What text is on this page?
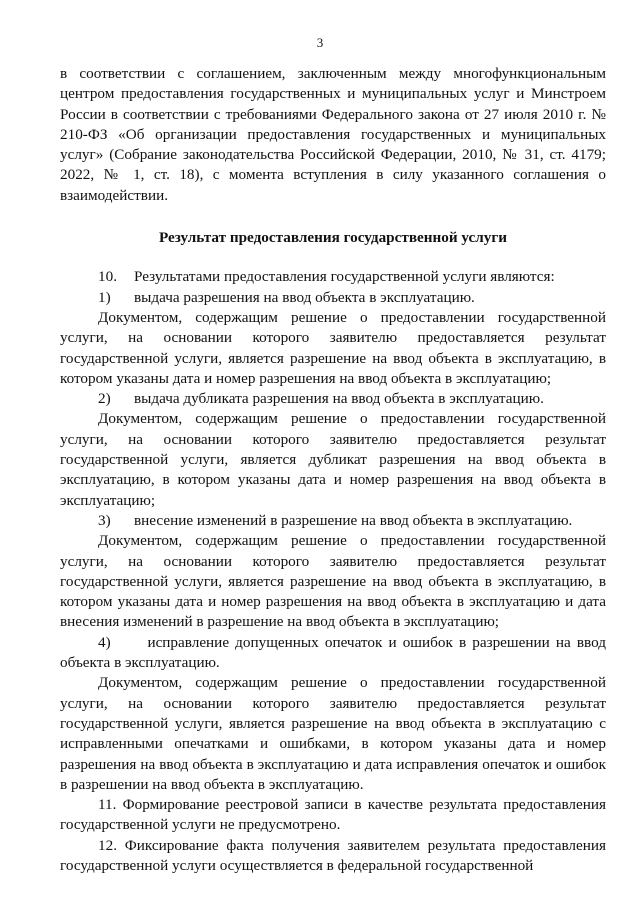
3

в соответствии с соглашением, заключенным между многофункциональным центром предоставления государственных и муниципальных услуг и Минстроем России в соответствии с требованиями Федерального закона от 27 июля 2010 г. № 210-ФЗ «Об организации предоставления государственных и муниципальных услуг» (Собрание законодательства Российской Федерации, 2010, № 31, ст. 4179; 2022, № 1, ст. 18), с момента вступления в силу указанного соглашения о взаимодействии.

Результат предоставления государственной услуги

10.	Результатами предоставления государственной услуги являются:
1)	выдача разрешения на ввод объекта в эксплуатацию.

Документом, содержащим решение о предоставлении государственной услуги, на основании которого заявителю предоставляется результат государственной услуги, является разрешение на ввод объекта в эксплуатацию, в котором указаны дата и номер разрешения на ввод объекта в эксплуатацию;

2)	выдача дубликата разрешения на ввод объекта в эксплуатацию.

Документом, содержащим решение о предоставлении государственной услуги, на основании которого заявителю предоставляется результат государственной услуги, является дубликат разрешения на ввод объекта в эксплуатацию, в котором указаны дата и номер разрешения на ввод объекта в эксплуатацию;

3)	внесение изменений в разрешение на ввод объекта в эксплуатацию.

Документом, содержащим решение о предоставлении государственной услуги, на основании которого заявителю предоставляется результат государственной услуги, является разрешение на ввод объекта в эксплуатацию, в котором указаны дата и номер разрешения на ввод объекта в эксплуатацию и дата внесения изменений в разрешение на ввод объекта в эксплуатацию;

4) исправление допущенных опечаток и ошибок в разрешении на ввод объекта в эксплуатацию.

Документом, содержащим решение о предоставлении государственной услуги, на основании которого заявителю предоставляется результат государственной услуги, является разрешение на ввод объекта в эксплуатацию с исправленными опечатками и ошибками, в котором указаны дата и номер разрешения на ввод объекта в эксплуатацию и дата исправления опечаток и ошибок в разрешении на ввод объекта в эксплуатацию.

11. Формирование реестровой записи в качестве результата предоставления государственной услуги не предусмотрено.

12. Фиксирование факта получения заявителем результата предоставления государственной услуги осуществляется в федеральной государственной
